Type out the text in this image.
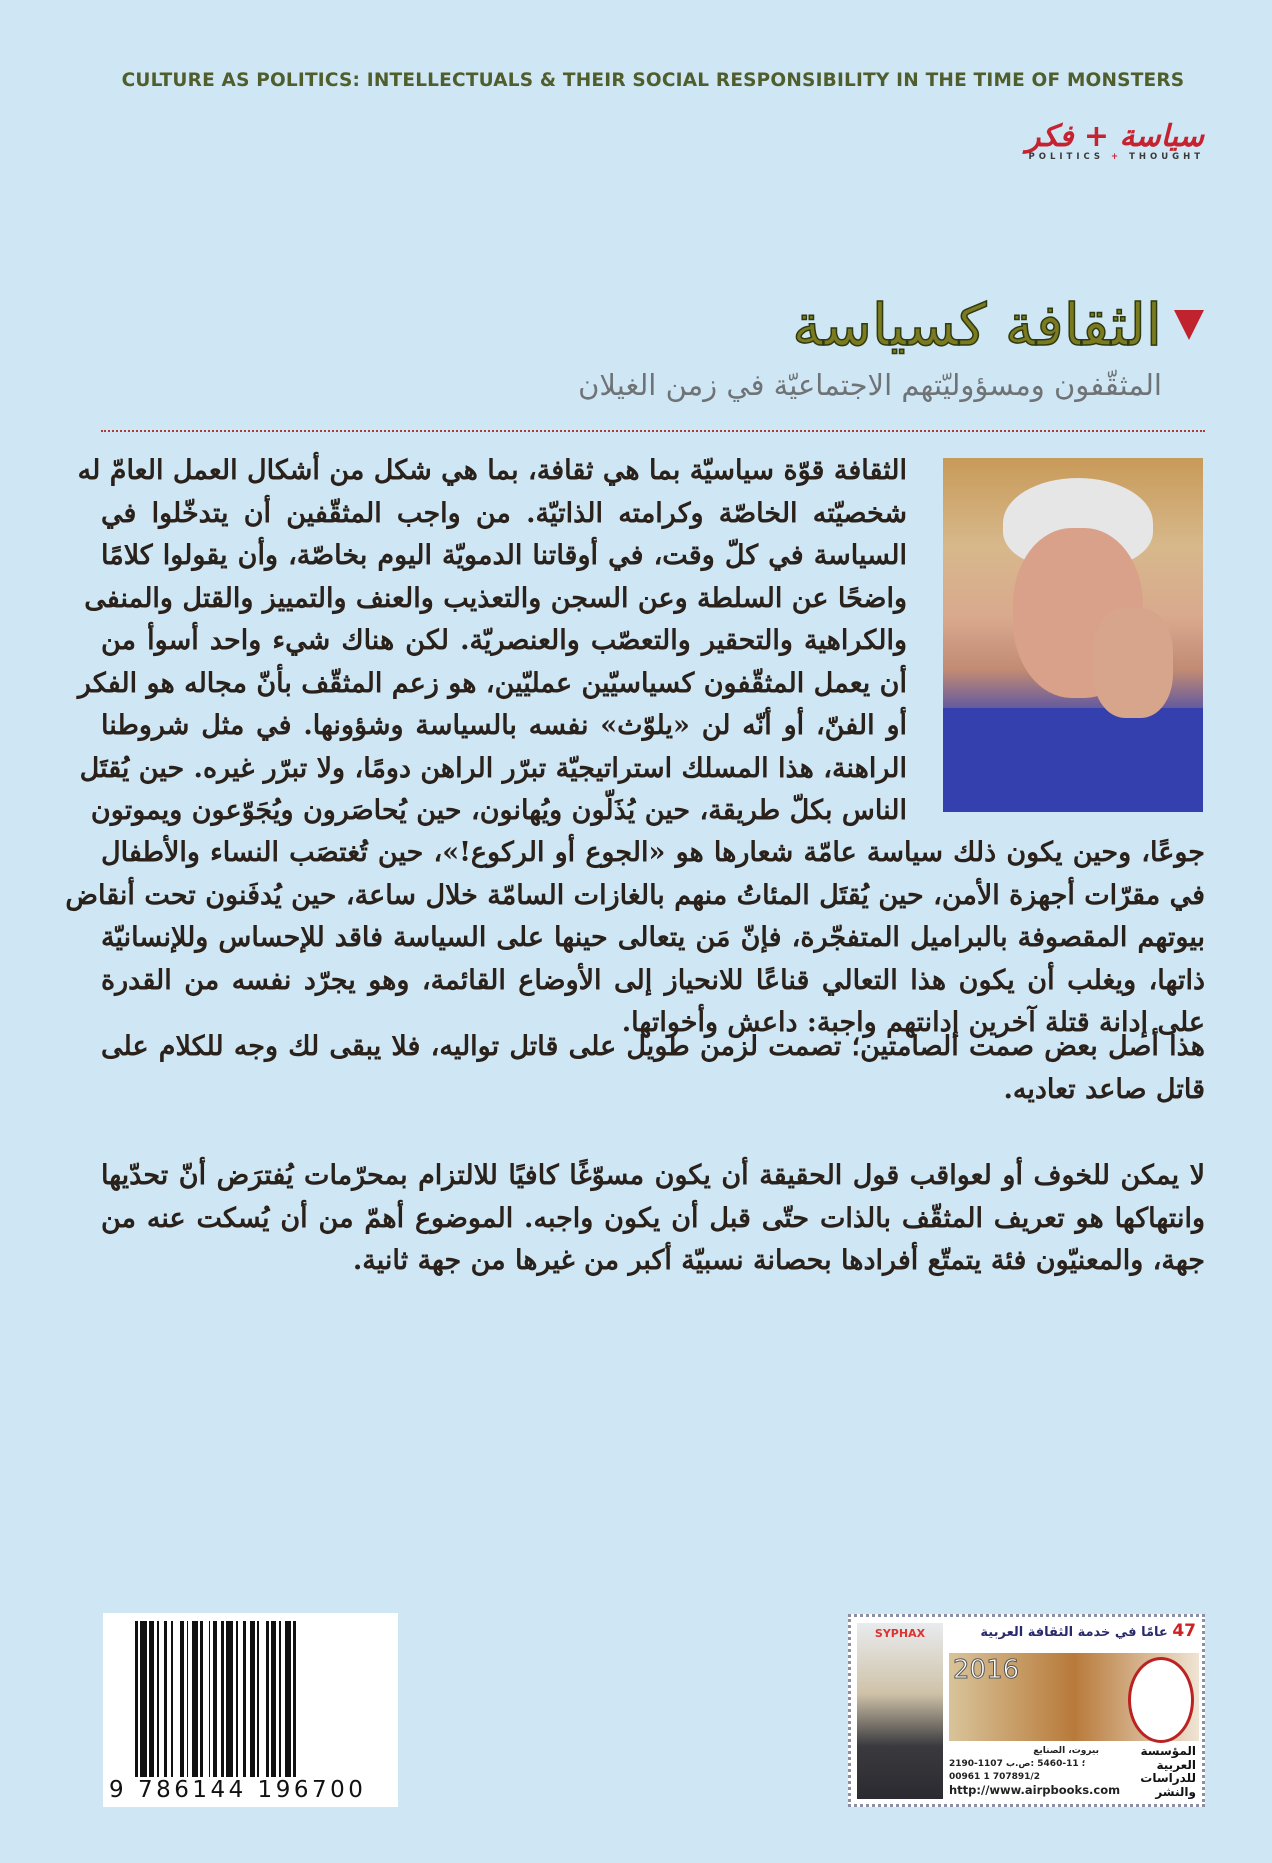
CULTURE AS POLITICS: INTELLECTUALS & THEIR SOCIAL RESPONSIBILITY IN THE TIME OF MONSTERS
سياسة + فكر
POLITICS + THOUGHT
الثقافة كسياسة
المثقّفون ومسؤوليّتهم الاجتماعيّة في زمن الغيلان
الثقافة قوّة سياسيّة بما هي ثقافة، بما هي شكل من أشكال العمل العامّ له
شخصيّته الخاصّة وكرامته الذاتيّة. من واجب المثقّفين أن يتدخّلوا في
السياسة في كلّ وقت، في أوقاتنا الدمويّة اليوم بخاصّة، وأن يقولوا كلامًا
واضحًا عن السلطة وعن السجن والتعذيب والعنف والتمييز والقتل والمنفى
والكراهية والتحقير والتعصّب والعنصريّة. لكن هناك شيء واحد أسوأ من
أن يعمل المثقّفون كسياسيّين عمليّين، هو زعم المثقّف بأنّ مجاله هو الفكر
أو الفنّ، أو أنّه لن «يلوّث» نفسه بالسياسة وشؤونها. في مثل شروطنا
الراهنة، هذا المسلك استراتيجيّة تبرّر الراهن دومًا، ولا تبرّر غيره. حين يُقتَل
الناس بكلّ طريقة، حين يُذَلّون ويُهانون، حين يُحاصَرون ويُجَوّعون ويموتون
جوعًا، وحين يكون ذلك سياسة عامّة شعارها هو «الجوع أو الركوع!»، حين تُغتصَب النساء والأطفال
في مقرّات أجهزة الأمن، حين يُقتَل المئاتُ منهم بالغازات السامّة خلال ساعة، حين يُدفَنون تحت أنقاض
بيوتهم المقصوفة بالبراميل المتفجّرة، فإنّ مَن يتعالى حينها على السياسة فاقد للإحساس وللإنسانيّة
ذاتها، ويغلب أن يكون هذا التعالي قناعًا للانحياز إلى الأوضاع القائمة، وهو يجرّد نفسه من القدرة
على إدانة قتلة آخرين إدانتهم واجبة: داعش وأخواتها.
هذا أصل بعض صمت الصامتين؛ تصمت لزمن طويل على قاتل تواليه، فلا يبقى لك وجه للكلام على
قاتل صاعد تعاديه.
لا يمكن للخوف أو لعواقب قول الحقيقة أن يكون مسوّغًا كافيًا للالتزام بمحرّمات يُفترَض أنّ تحدّيها
وانتهاكها هو تعريف المثقّف بالذات حتّى قبل أن يكون واجبه. الموضوع أهمّ من أن يُسكت عنه من
جهة، والمعنيّون فئة يتمتّع أفرادها بحصانة نسبيّة أكبر من غيرها من جهة ثانية.
9 786144 196700
SYPHAX	47 عامًا في خدمة الثقافة العربية
2016
بيروت، الصنايع
2190-1107 ؛ 11-5460 :ص.ب
00961 1 707891/2
http://www.airpbooks.com
المؤسسة
العربية
للدراسات
والنشر
